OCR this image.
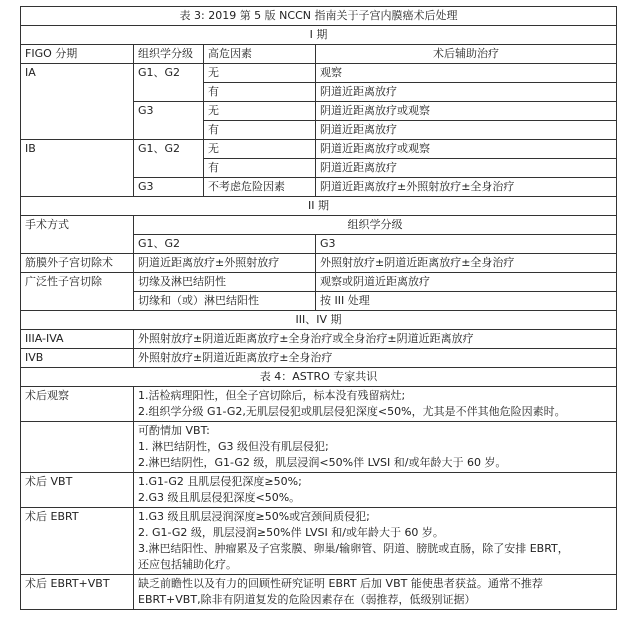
表 3: 2019 第 5 版 NCCN 指南关于子宫内膜癌术后处理			
I 期			
FIGO 分期	组织学分级	高危因素	术后辅助治疗
IA	G1、G2	无	观察
		有	阴道近距离放疗
	G3	无	阴道近距离放疗或观察
		有	阴道近距离放疗
IB	G1、G2	无	阴道近距离放疗或观察
		有	阴道近距离放疗
	G3	不考虑危险因素	阴道近距离放疗±外照射放疗±全身治疗
II 期			
手术方式	组织学分级		
	G1、G2		G3
筋膜外子宫切除术	阴道近距离放疗±外照射放疗		外照射放疗±阴道近距离放疗±全身治疗
广泛性子宫切除	切缘及淋巴结阴性		观察或阴道近距离放疗
	切缘和（或）淋巴结阳性		按 III 处理
III、IV 期			
IIIA-IVA	外照射放疗±阴道近距离放疗±全身治疗或全身治疗±阴道近距离放疗		
IVB	外照射放疗±阴道近距离放疗±全身治疗		
表 4：ASTRO 专家共识			
术后观察	1.活检病理阳性，但全子宫切除后，标本没有残留病灶;
2.组织学分级 G1-G2,无肌层侵犯或肌层侵犯深度<50%，尤其是不伴其他危险因素时。		

	可酌情加 VBT:
1. 淋巴结阴性，G3 级但没有肌层侵犯;
2.淋巴结阴性，G1-G2 级，肌层浸润<50%伴 LVSI 和/或年龄大于 60 岁。		

术后 VBT	1.G1-G2 且肌层侵犯深度≥50%;
2.G3 级且肌层侵犯深度<50%。		

术后 EBRT	1.G3 级且肌层浸润深度≥50%或宫颈间质侵犯;
2. G1-G2 级，肌层浸润≥50%伴 LVSI 和/或年龄大于 60 岁。
3.淋巴结阳性、肿瘤累及子宫浆膜、卵巢/输卵管、阴道、膀胱或直肠，除了安排 EBRT，
还应包括辅助化疗。		

术后 EBRT+VBT	缺乏前瞻性以及有力的回顾性研究证明 EBRT 后加 VBT 能使患者获益。通常不推荐
EBRT+VBT,除非有阴道复发的危险因素存在（弱推荐，低级别证据）		
